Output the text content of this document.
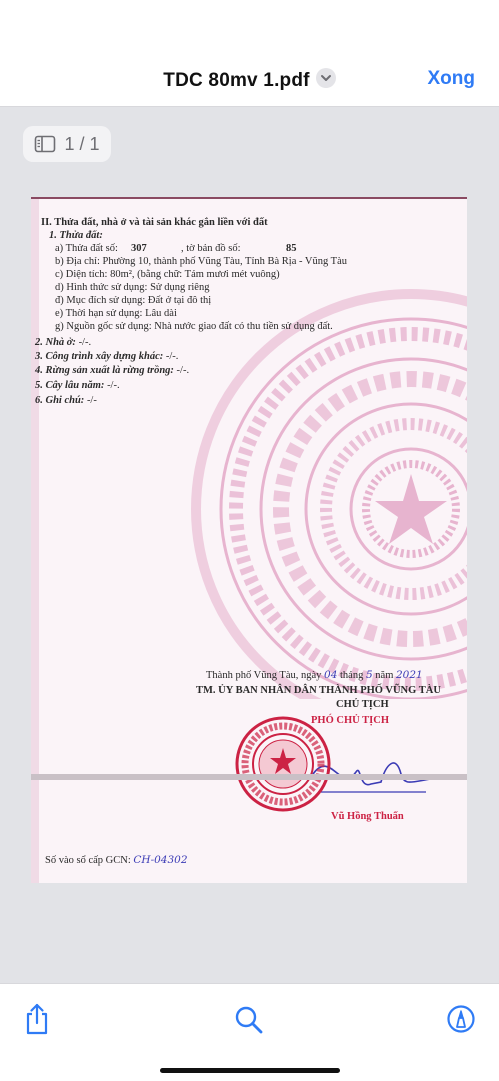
TDC 80mv 1.pdf	Xong
1 / 1
II. Thửa đất, nhà ở và tài sản khác gắn liền với đất
1. Thửa đất:
a) Thửa đất số: 307	, tờ bản đồ số:	85
b) Địa chỉ: Phường 10, thành phố Vũng Tàu, Tỉnh Bà Rịa - Vũng Tàu
c) Diện tích: 80m², (bằng chữ: Tám mươi mét vuông)
d) Hình thức sử dụng: Sử dụng riêng
đ) Mục đích sử dụng: Đất ở tại đô thị
e) Thời hạn sử dụng: Lâu dài
g) Nguồn gốc sử dụng: Nhà nước giao đất có thu tiền sử dụng đất.
2. Nhà ở: -/-.
3. Công trình xây dựng khác: -/-.
4. Rừng sản xuất là rừng trồng: -/-.
5. Cây lâu năm: -/-.
6. Ghi chú: -/-
Thành phố Vũng Tàu, ngày 04 tháng 5 năm 2021
TM. ỦY BAN NHÂN DÂN THÀNH PHỐ VŨNG TÀU
CHỦ TỊCH
PHÓ CHỦ TỊCH
Vũ Hồng Thuấn
Số vào sổ cấp GCN: CH-04302
